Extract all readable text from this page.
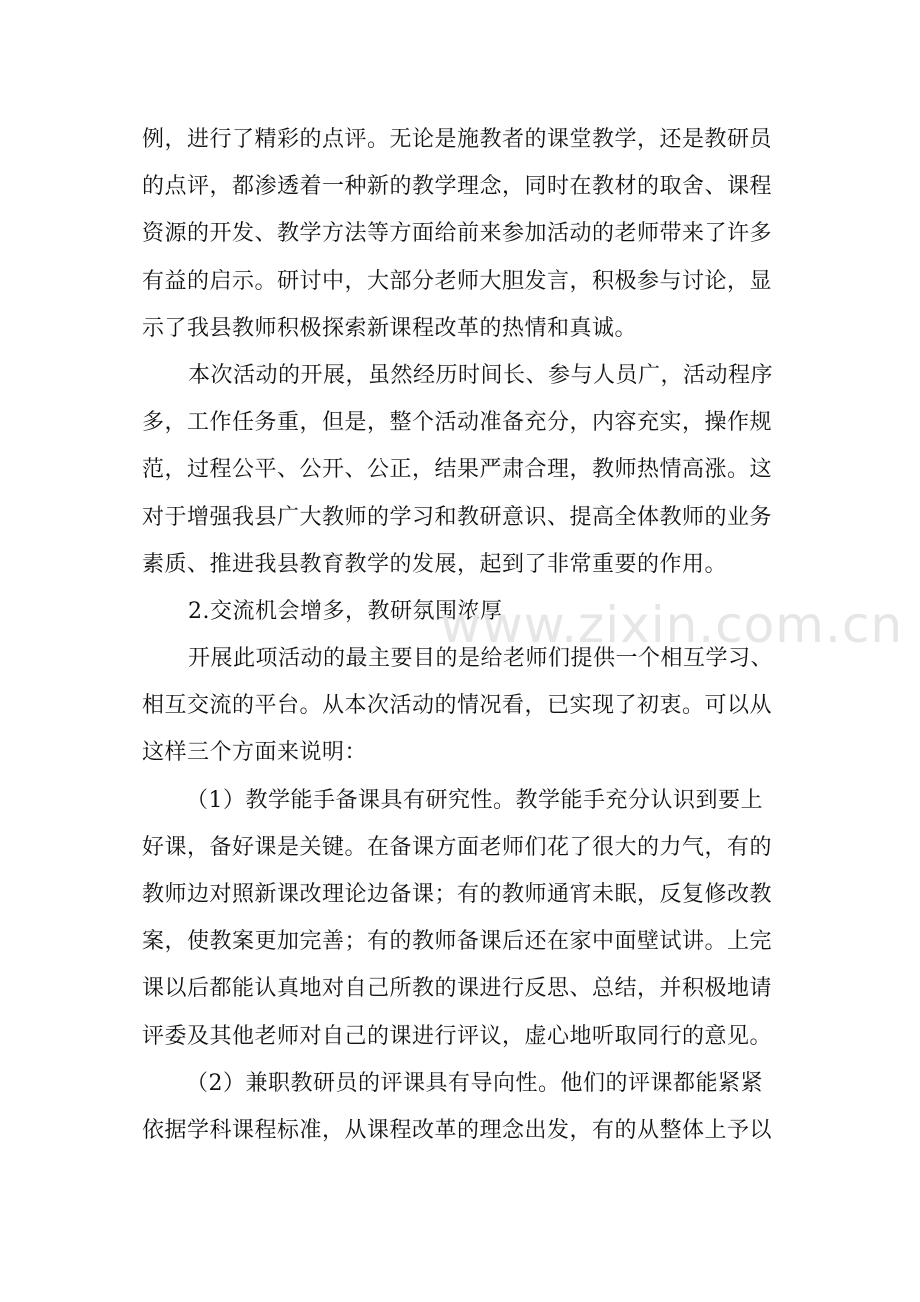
例，进行了精彩的点评。无论是施教者的课堂教学，还是教研员
的点评，都渗透着一种新的教学理念，同时在教材的取舍、课程
资源的开发、教学方法等方面给前来参加活动的老师带来了许多
有益的启示。研讨中，大部分老师大胆发言，积极参与讨论，显
示了我县教师积极探索新课程改革的热情和真诚。
本次活动的开展，虽然经历时间长、参与人员广，活动程序
多，工作任务重，但是，整个活动准备充分，内容充实，操作规
范，过程公平、公开、公正，结果严肃合理，教师热情高涨。这
对于增强我县广大教师的学习和教研意识、提高全体教师的业务
素质、推进我县教育教学的发展，起到了非常重要的作用。
2.交流机会增多，教研氛围浓厚
开展此项活动的最主要目的是给老师们提供一个相互学习、
相互交流的平台。从本次活动的情况看，已实现了初衷。可以从
这样三个方面来说明：
（1）教学能手备课具有研究性。教学能手充分认识到要上
好课，备好课是关键。在备课方面老师们花了很大的力气，有的
教师边对照新课改理论边备课；有的教师通宵未眠，反复修改教
案，使教案更加完善；有的教师备课后还在家中面壁试讲。上完
课以后都能认真地对自己所教的课进行反思、总结，并积极地请
评委及其他老师对自己的课进行评议，虚心地听取同行的意见。
（2）兼职教研员的评课具有导向性。他们的评课都能紧紧
依据学科课程标准，从课程改革的理念出发，有的从整体上予以
www.zixin.com.cn
